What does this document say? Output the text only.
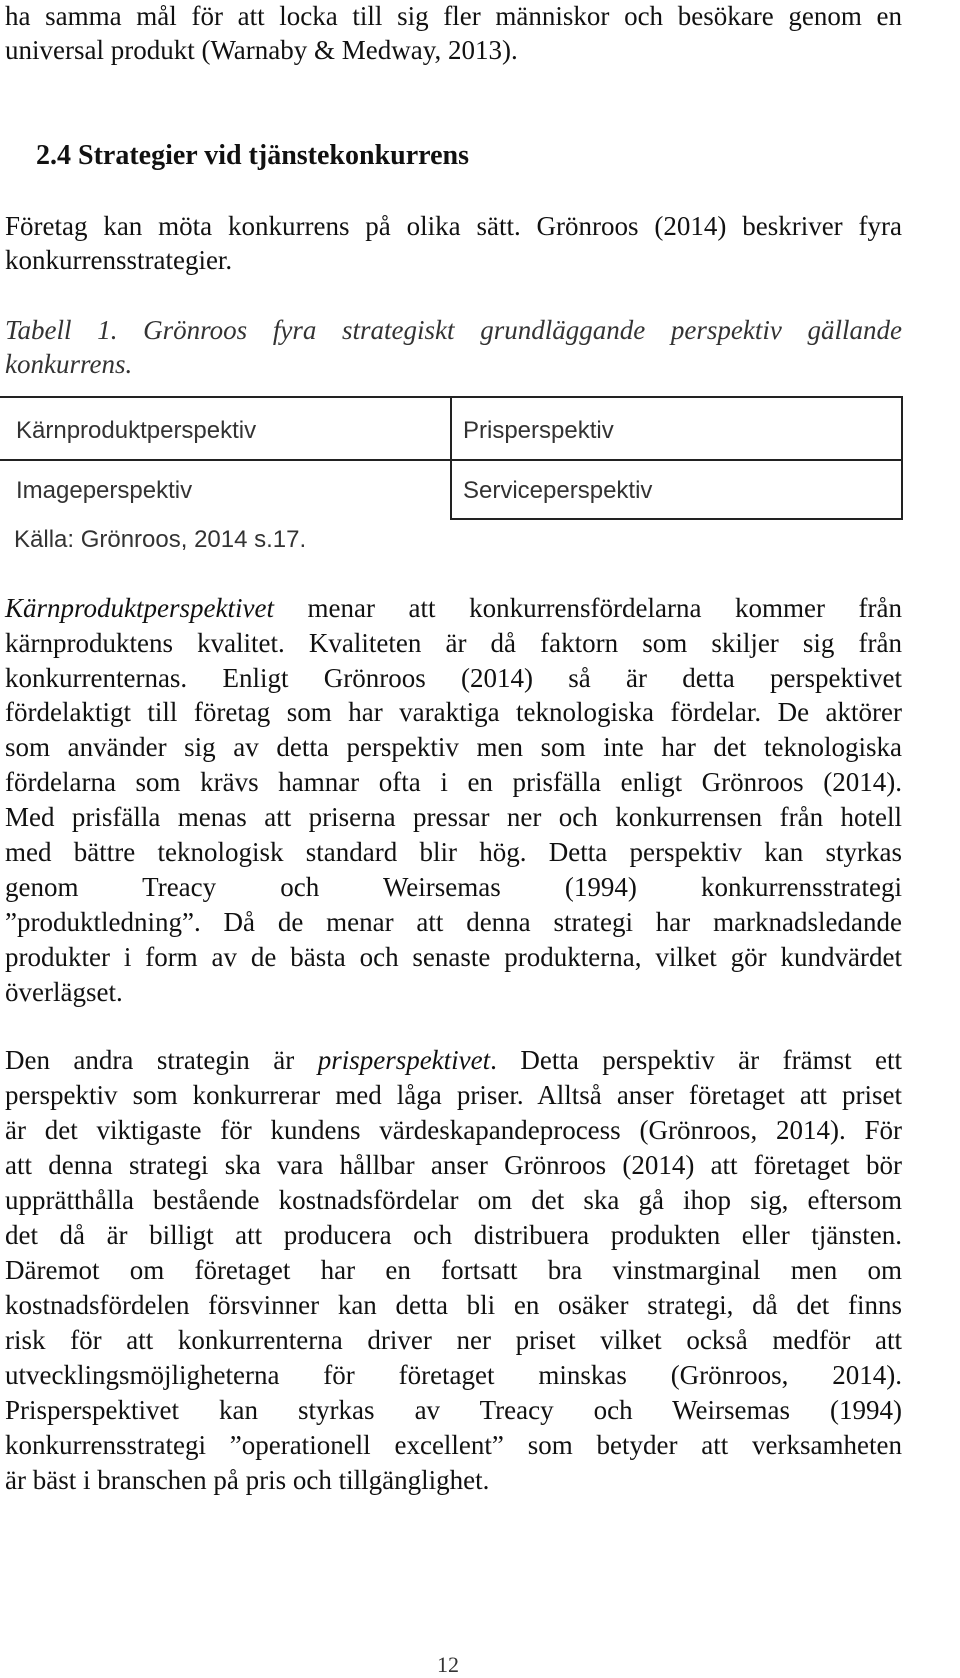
ha samma mål för att locka till sig fler människor och besökare genom en
universal produkt (Warnaby & Medway, 2013).
2.4 Strategier vid tjänstekonkurrens
Företag kan möta konkurrens på olika sätt. Grönroos (2014) beskriver fyra
konkurrensstrategier.
Tabell 1. Grönroos fyra strategiskt grundläggande perspektiv gällande
konkurrens.
Kärnproduktperspektiv	Prisperspektiv
Imageperspektiv	Serviceperspektiv
Källa: Grönroos, 2014 s.17.
Kärnproduktperspektivet menar att konkurrensfördelarna kommer från
kärnproduktens kvalitet. Kvaliteten är då faktorn som skiljer sig från
konkurrenternas. Enligt Grönroos (2014) så är detta perspektivet
fördelaktigt till företag som har varaktiga teknologiska fördelar. De aktörer
som använder sig av detta perspektiv men som inte har det teknologiska
fördelarna som krävs hamnar ofta i en prisfälla enligt Grönroos (2014).
Med prisfälla menas att priserna pressar ner och konkurrensen från hotell
med bättre teknologisk standard blir hög. Detta perspektiv kan styrkas
genom Treacy och Weirsemas (1994) konkurrensstrategi
”produktledning”. Då de menar att denna strategi har marknadsledande
produkter i form av de bästa och senaste produkterna, vilket gör kundvärdet
överlägset.
Den andra strategin är prisperspektivet. Detta perspektiv är främst ett
perspektiv som konkurrerar med låga priser. Alltså anser företaget att priset
är det viktigaste för kundens värdeskapandeprocess (Grönroos, 2014). För
att denna strategi ska vara hållbar anser Grönroos (2014) att företaget bör
upprätthålla bestående kostnadsfördelar om det ska gå ihop sig, eftersom
det då är billigt att producera och distribuera produkten eller tjänsten.
Däremot om företaget har en fortsatt bra vinstmarginal men om
kostnadsfördelen försvinner kan detta bli en osäker strategi, då det finns
risk för att konkurrenterna driver ner priset vilket också medför att
utvecklingsmöjligheterna för företaget minskas (Grönroos, 2014).
Prisperspektivet kan styrkas av Treacy och Weirsemas (1994)
konkurrensstrategi ”operationell excellent” som betyder att verksamheten
är bäst i branschen på pris och tillgänglighet.
12
